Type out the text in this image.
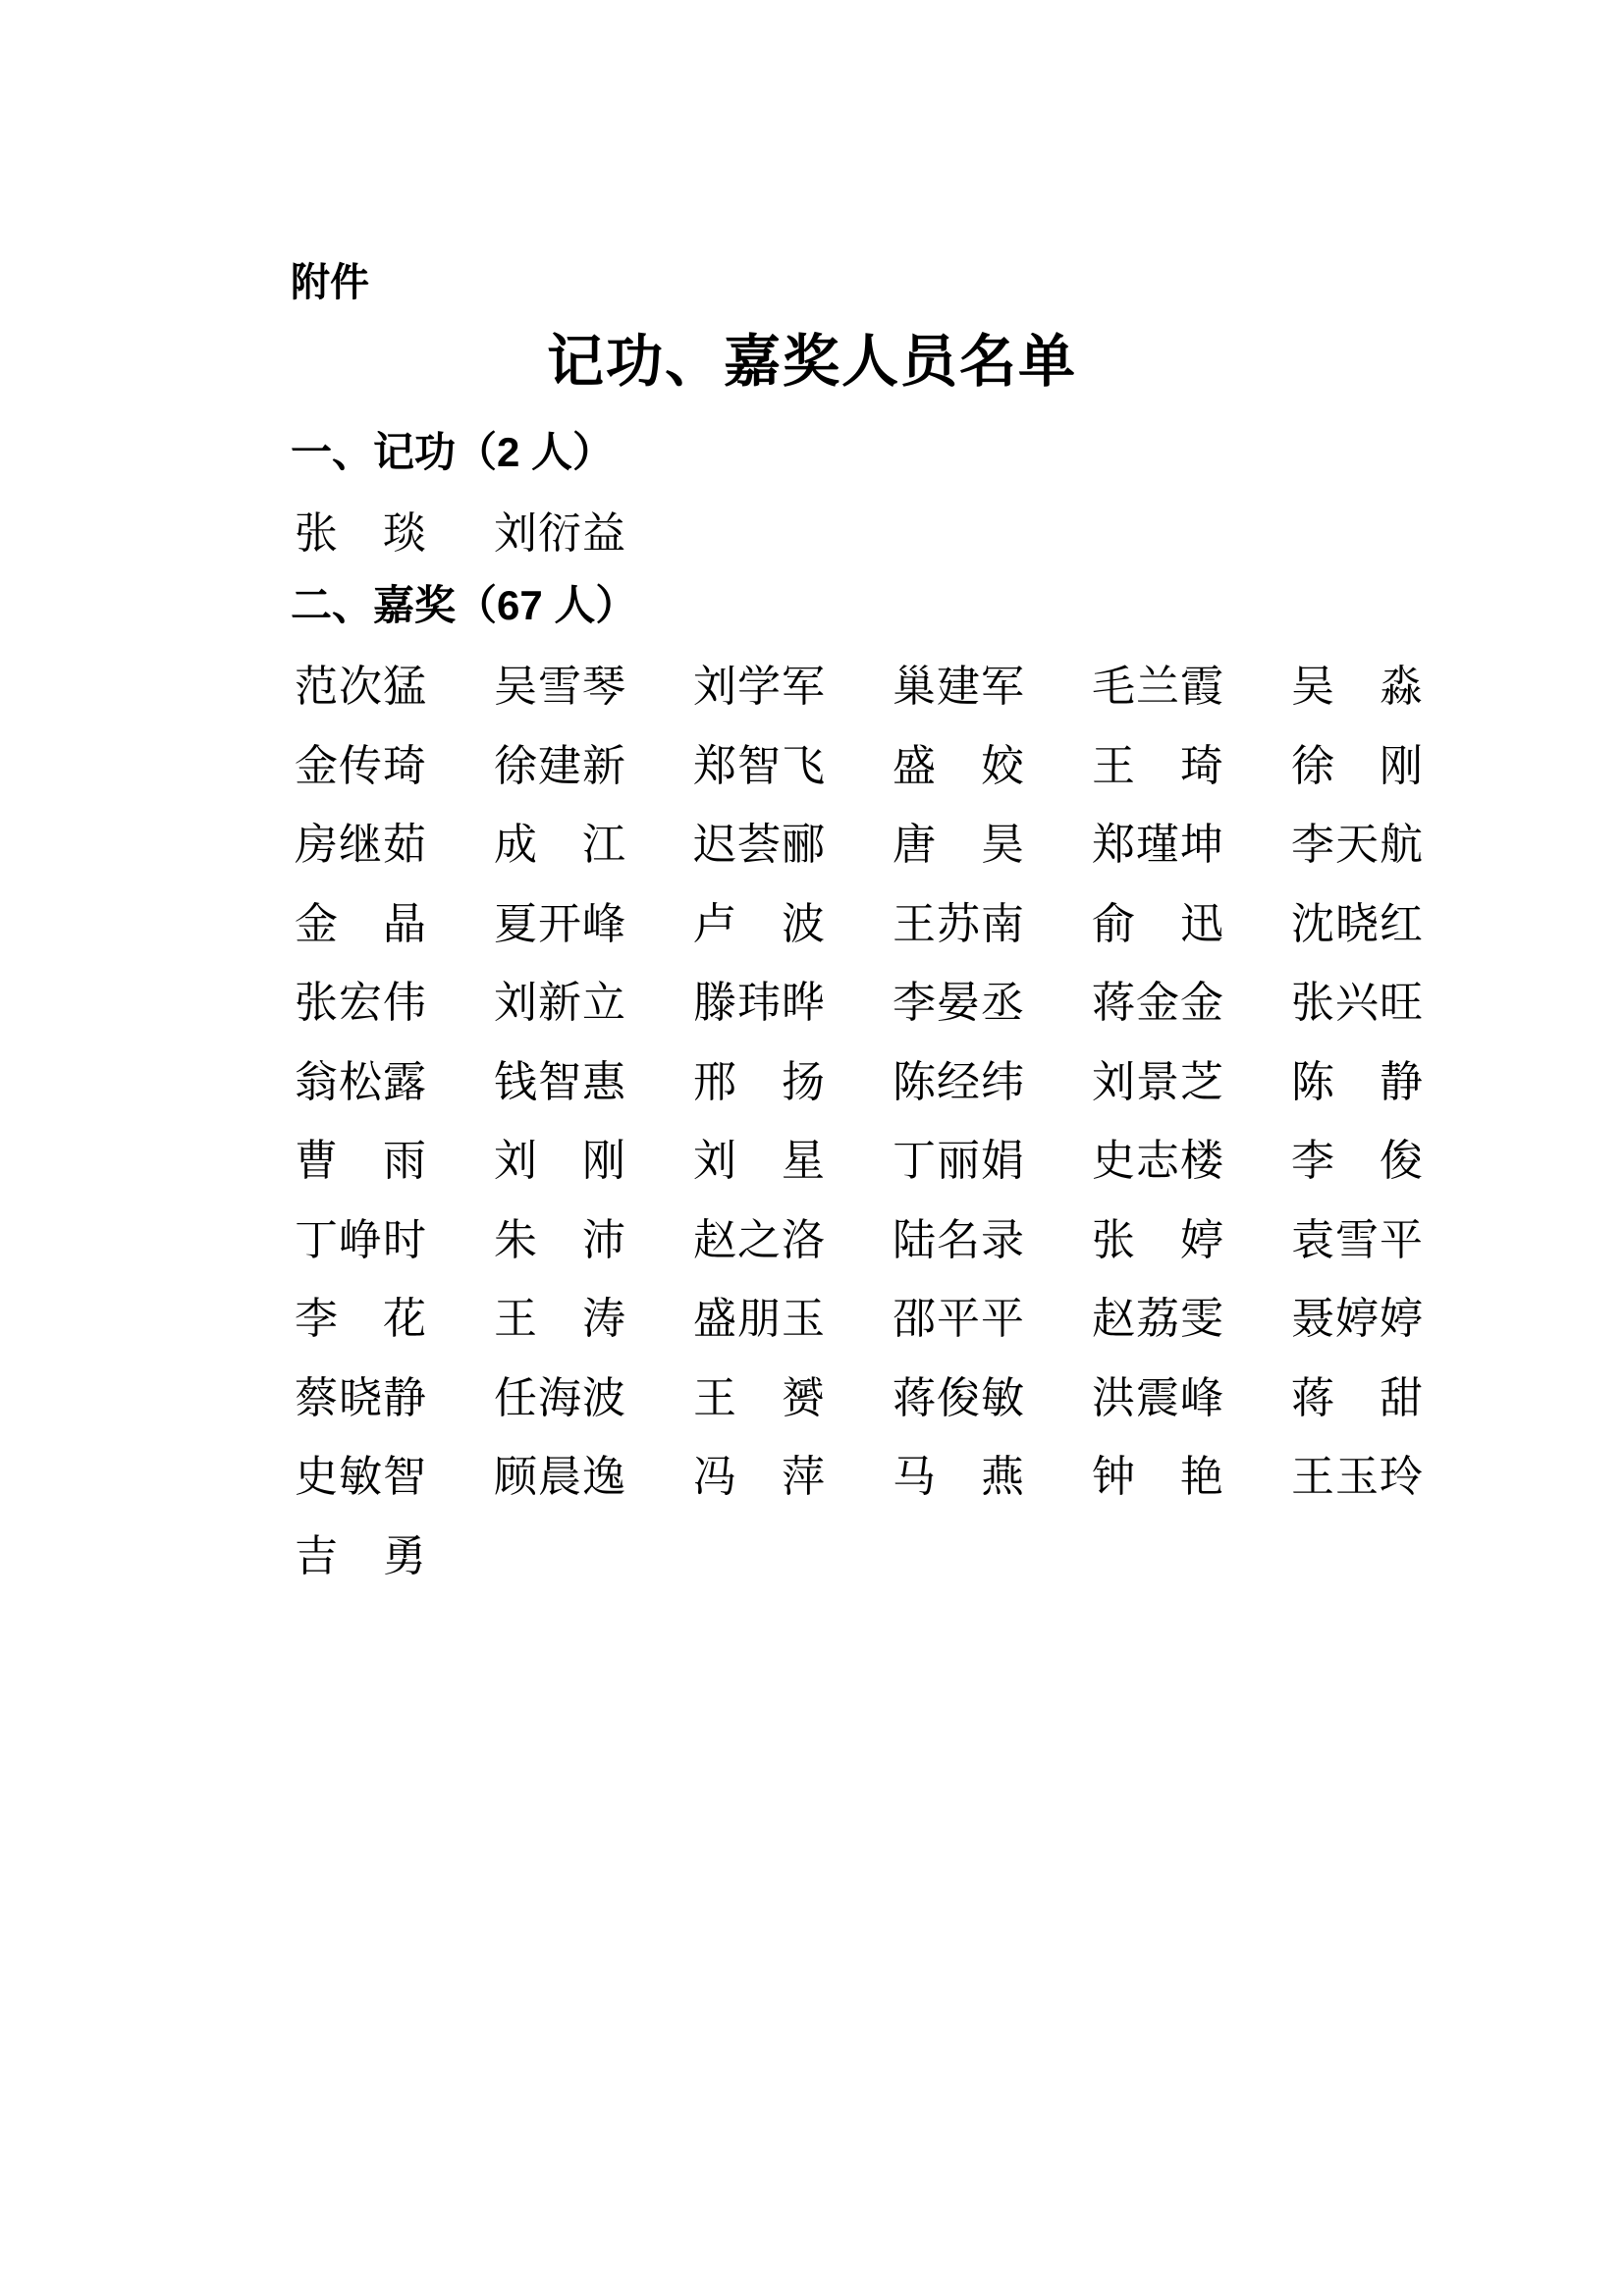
附件
记功、嘉奖人员名单
一、记功（2 人）
张 琰 刘 衍 益
二、嘉奖（67 人）
范 次 猛 吴 雪 琴 刘 学 军 巢 建 军 毛 兰 霞 吴 淼
金 传 琦 徐 建 新 郑 智 飞 盛 姣 王 琦 徐 刚
房 继 茹 成 江 迟 荟 郦 唐 昊 郑 瑾 坤 李 天 航
金 晶 夏 开 峰 卢 波 王 苏 南 俞 迅 沈 晓 红
张 宏 伟 刘 新 立 滕 玮 晔 李 晏 丞 蒋 金 金 张 兴 旺
翁 松 露 钱 智 惠 邢 扬 陈 经 纬 刘 景 芝 陈 静
曹 雨 刘 刚 刘 星 丁 丽 娟 史 志 楼 李 俊
丁 峥 时 朱 沛 赵 之 洛 陆 名 录 张 婷 袁 雪 平
李 花 王 涛 盛 朋 玉 邵 平 平 赵 荔 雯 聂 婷 婷
蔡 晓 静 任 海 波 王 赟 蒋 俊 敏 洪 震 峰 蒋 甜
史 敏 智 顾 晨 逸 冯 萍 马 燕 钟 艳 王 玉 玲
吉 勇
